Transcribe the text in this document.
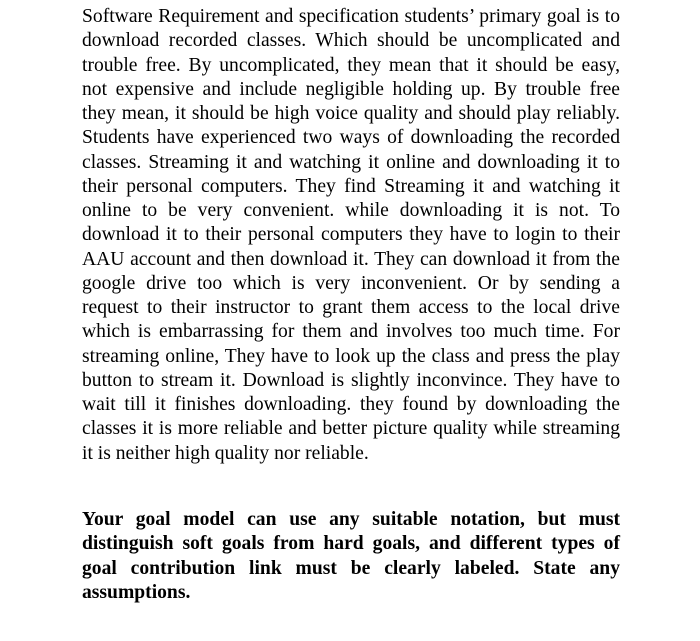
Software Requirement and specification students’ primary goal is to download recorded classes. Which should be uncomplicated and trouble free. By uncomplicated, they mean that it should be easy, not expensive and include negligible holding up. By trouble free they mean, it should be high voice quality and should play reliably. Students have experienced two ways of downloading the recorded classes. Streaming it and watching it online and downloading it to their personal computers. They find Streaming it and watching it online to be very convenient. while downloading it is not. To download it to their personal computers they have to login to their AAU account and then download it. They can download it from the google drive too which is very inconvenient. Or by sending a request to their instructor to grant them access to the local drive which is embarrassing for them and involves too much time. For streaming online, They have to look up the class and press the play button to stream it. Download is slightly inconvince. They have to wait till it finishes downloading. they found by downloading the classes it is more reliable and better picture quality while streaming it is neither high quality nor reliable.

Your goal model can use any suitable notation, but must distinguish soft goals from hard goals, and different types of goal contribution link must be clearly labeled. State any assumptions.
